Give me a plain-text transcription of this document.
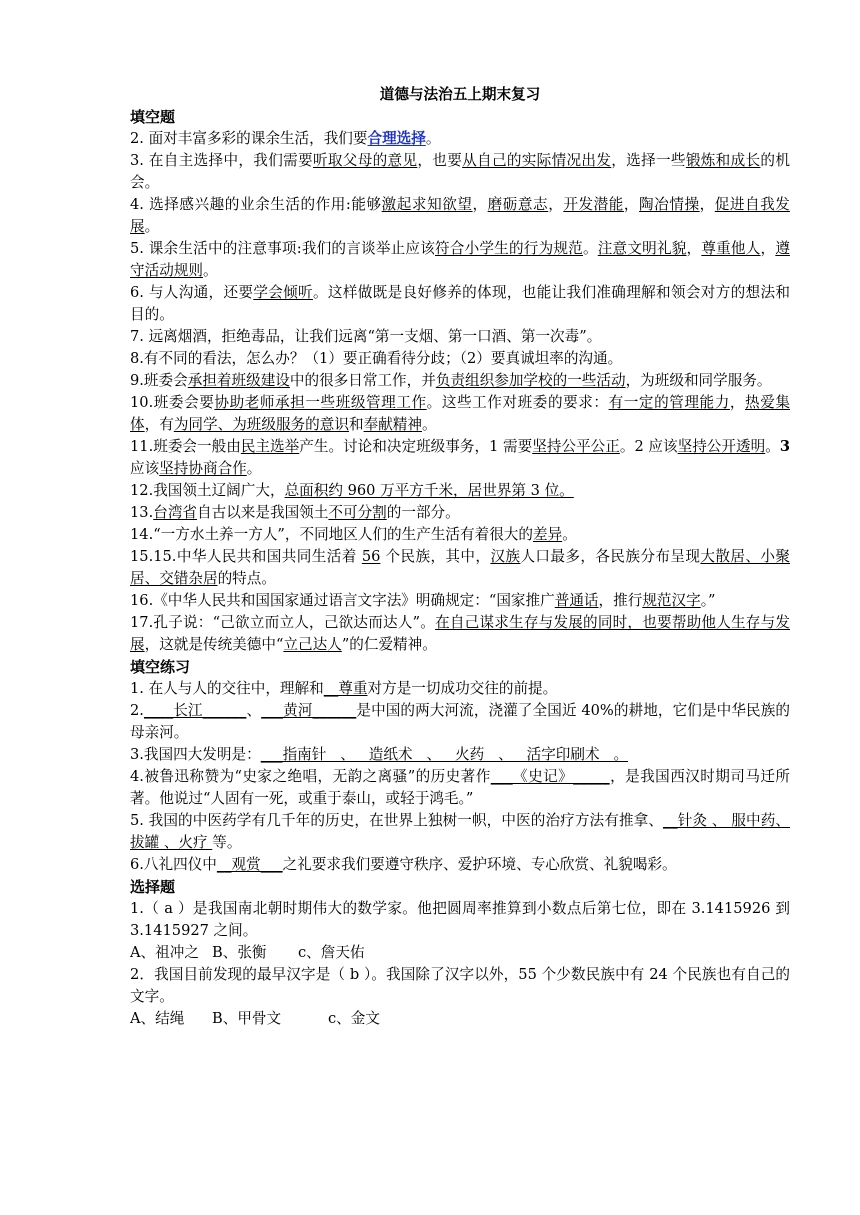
道德与法治五上期末复习

填空题

2. 面对丰富多彩的课余生活，我们要合理选择。

3. 在自主选择中，我们需要听取父母的意见，也要从自己的实际情况出发，选择一些锻炼和成长的机会。

4. 选择感兴趣的业余生活的作用:能够激起求知欲望，磨砺意志，开发潜能，陶冶情操，促进自我发展。

5. 课余生活中的注意事项:我们的言谈举止应该符合小学生的行为规范。注意文明礼貌，尊重他人，遵守活动规则。

6. 与人沟通，还要学会倾听。这样做既是良好修养的体现，也能让我们准确理解和领会对方的想法和目的。

7. 远离烟酒，拒绝毒品，让我们远离“第一支烟、第一口酒、第一次毒”。

8.有不同的看法，怎么办？（1）要正确看待分歧；（2）要真诚坦率的沟通。

9.班委会承担着班级建设中的很多日常工作，并负责组织参加学校的一些活动，为班级和同学服务。

10.班委会要协助老师承担一些班级管理工作。这些工作对班委的要求：有一定的管理能力，热爱集体，有为同学、为班级服务的意识和奉献精神。

11.班委会一般由民主选举产生。讨论和决定班级事务，1 需要坚持公平公正。2 应该坚持公开透明。3 应该坚持协商合作。

12.我国领土辽阔广大，总面积约 960 万平方千米，居世界第 3 位。

13.台湾省自古以来是我国领土不可分割的一部分。

14.“一方水土养一方人”，不同地区人们的生产生活有着很大的差异。

15.15.中华人民共和国共同生活着 56 个民族，其中，汉族人口最多，各民族分布呈现大散居、小聚居、交错杂居的特点。

16.《中华人民共和国国家通过语言文字法》明确规定：“国家推广普通话，推行规范汉字。”

17.孔子说：“己欲立而立人，己欲达而达人”。在自己谋求生存与发展的同时，也要帮助他人生存与发展，这就是传统美德中“立己达人”的仁爱精神。

填空练习

1. 在人与人的交往中，理解和__尊重对方是一切成功交往的前提。

2.____长江______、___黄河______是中国的两大河流，浇灌了全国近 40%的耕地，它们是中华民族的母亲河。

3.我国四大发明是：___指南针   、   造纸术   、   火药   、   活字印刷术   。

4.被鲁迅称赞为“史家之绝唱，无韵之离骚”的历史著作___《史记》_____，是我国西汉时期司马迁所著。他说过“人固有一死，或重于泰山，或轻于鸿毛。”

5. 我国的中医药学有几千年的历史，在世界上独树一帜，中医的治疗方法有推拿、__针灸 、 服中药、 拔罐 、火疗 等。

6.八礼四仪中__观赏___之礼要求我们要遵守秩序、爱护环境、专心欣赏、礼貌喝彩。

选择题

1.（ a ）是我国南北朝时期伟大的数学家。他把圆周率推算到小数点后第七位，即在 3.1415926 到 3.1415927 之间。

A、祖冲之 B、张衡 c、詹天佑

2．我国目前发现的最早汉字是（ b ）。我国除了汉字以外，55 个少数民族中有 24 个民族也有自己的文字。

A、结绳 B、甲骨文	c、金文
